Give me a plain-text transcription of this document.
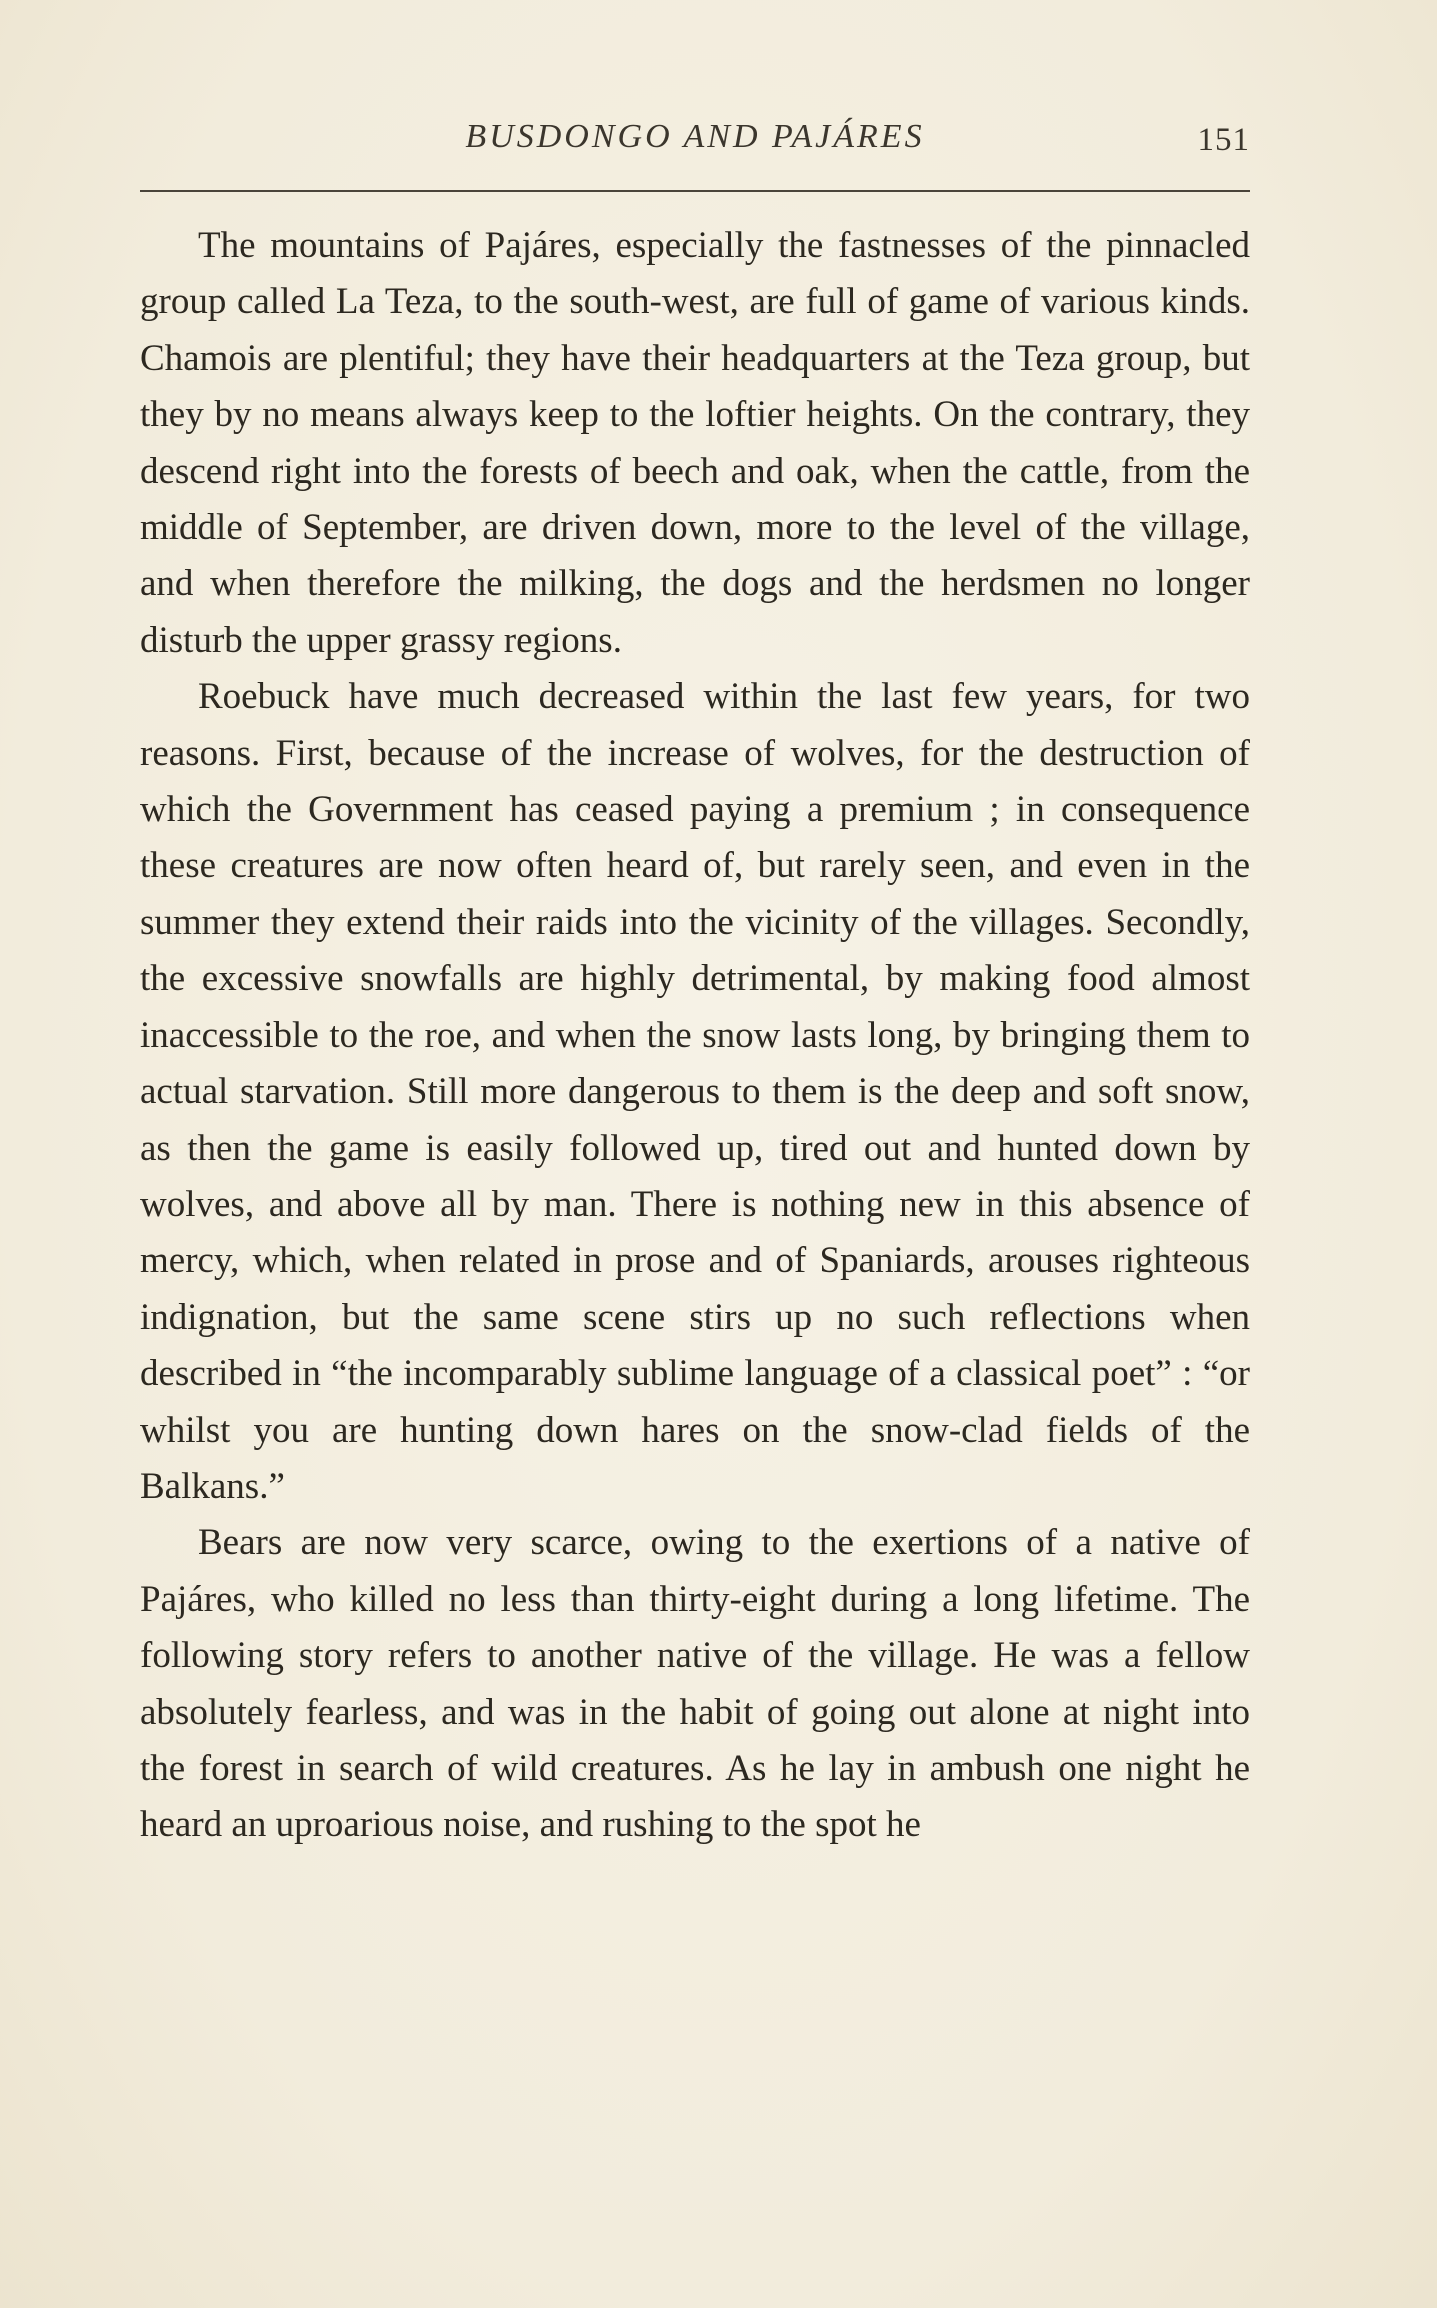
BUSDONGO AND PAJÁRES	151

The mountains of Pajáres, especially the fastnesses of the pinnacled group called La Teza, to the south-west, are full of game of various kinds. Chamois are plentiful; they have their headquarters at the Teza group, but they by no means always keep to the loftier heights. On the contrary, they descend right into the forests of beech and oak, when the cattle, from the middle of September, are driven down, more to the level of the village, and when therefore the milking, the dogs and the herdsmen no longer disturb the upper grassy regions.

Roebuck have much decreased within the last few years, for two reasons. First, because of the increase of wolves, for the destruction of which the Government has ceased paying a premium ; in consequence these creatures are now often heard of, but rarely seen, and even in the summer they extend their raids into the vicinity of the villages. Secondly, the excessive snowfalls are highly detrimental, by making food almost inaccessible to the roe, and when the snow lasts long, by bringing them to actual starvation. Still more dangerous to them is the deep and soft snow, as then the game is easily followed up, tired out and hunted down by wolves, and above all by man. There is nothing new in this absence of mercy, which, when related in prose and of Spaniards, arouses righteous indignation, but the same scene stirs up no such reflections when described in “the incomparably sublime language of a classical poet” : “or whilst you are hunting down hares on the snow-clad fields of the Balkans.”

Bears are now very scarce, owing to the exertions of a native of Pajáres, who killed no less than thirty-eight during a long lifetime. The following story refers to another native of the village. He was a fellow absolutely fearless, and was in the habit of going out alone at night into the forest in search of wild creatures. As he lay in ambush one night he heard an uproarious noise, and rushing to the spot he
